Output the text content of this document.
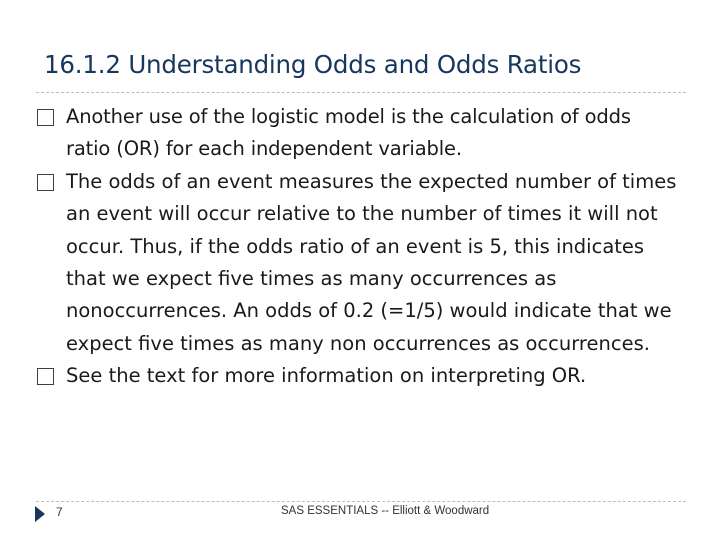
16.1.2 Understanding Odds and Odds Ratios
Another use of the logistic model is the calculation of odds ratio (OR) for each independent variable.
The odds of an event measures the expected number of times an event will occur relative to the number of times it will not occur. Thus, if the odds ratio of an event is 5, this indicates that we expect five times as many occurrences as nonoccurrences. An odds of 0.2 (=1/5) would indicate that we expect five times as many non occurrences as occurrences.
See the text for more information on interpreting OR.
7	SAS ESSENTIALS -- Elliott & Woodward
